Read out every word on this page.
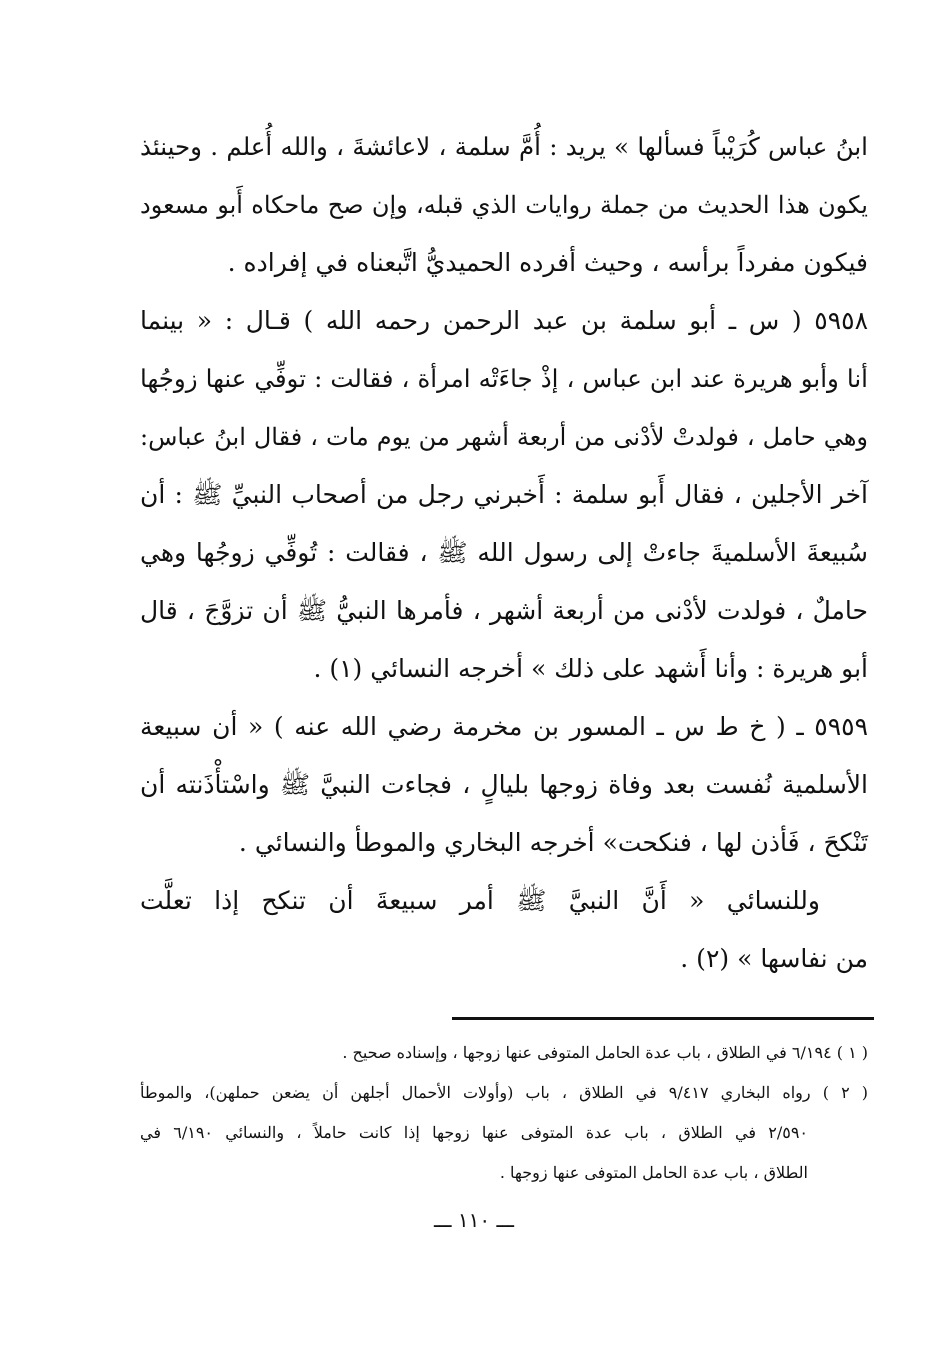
ابنُ عباس كُرَيْباً فسألها » يريد : أُمَّ سلمة ، لاعائشةَ ، والله أُعلم . وحينئذ
يكون هذا الحديث من جملة روايات الذي قبله، وإن صح ماحكاه أَبو مسعود
فيكون مفرداً برأسه ، وحيث أفرده الحميديُّ اتَّبعناه في إفراده .
٥٩٥٨ ( س ـ أبو سلمة بن عبد الرحمن رحمه الله ) قـال : « بينما
أنا وأبو هريرة عند ابن عباس ، إذْ جاءَتْه امرأة ، فقالت : توفِّي عنها زوجُها
وهي حامل ، فولدتْ لأدْنى من أربعة أشهر من يوم مات ، فقال ابنُ عباس:
آخر الأجلين ، فقال أَبو سلمة : أَخبرني رجل من أصحاب النبيِّ ﷺ : أن
سُبيعةَ الأسلميةَ جاءتْ إلى رسول الله ﷺ ، فقالت : تُوفِّي زوجُها وهي
حاملٌ ، فولدت لأدْنى من أربعة أشهر ، فأمرها النبيُّ ﷺ أن تزوَّجَ ، قال
أبو هريرة : وأنا أَشهد على ذلك » أخرجه النسائي (١) .
٥٩٥٩ ـ ( خ ط س ـ المسور بن مخرمة رضي الله عنه ) « أن سبيعة
الأسلمية نُفست بعد وفاة زوجها بليالٍ ، فجاءت النبيَّ ﷺ واسْتأْذَنته أن
تَنْكحَ ، فَأذن لها ، فنكحت» أخرجه البخاري والموطأ والنسائي .
وللنسائي « أَنَّ النبيَّ ﷺ أمر سبيعةَ أن تنكح إذا تعلَّت
من نفاسها » (٢) .
( ١ ) ٦/١٩٤ في الطلاق ، باب عدة الحامل المتوفى عنها زوجها ، وإسناده صحيح .
( ٢ ) رواه البخاري ٩/٤١٧ في الطلاق ، باب (وأولات الأحمال أجلهن أن يضعن حملهن)، والموطأ
٢/٥٩٠ في الطلاق ، باب عدة المتوفى عنها زوجها إذا كانت حاملاً ، والنسائي ٦/١٩٠ في
الطلاق ، باب عدة الحامل المتوفى عنها زوجها .
ـــ ١١٠ ـــ
